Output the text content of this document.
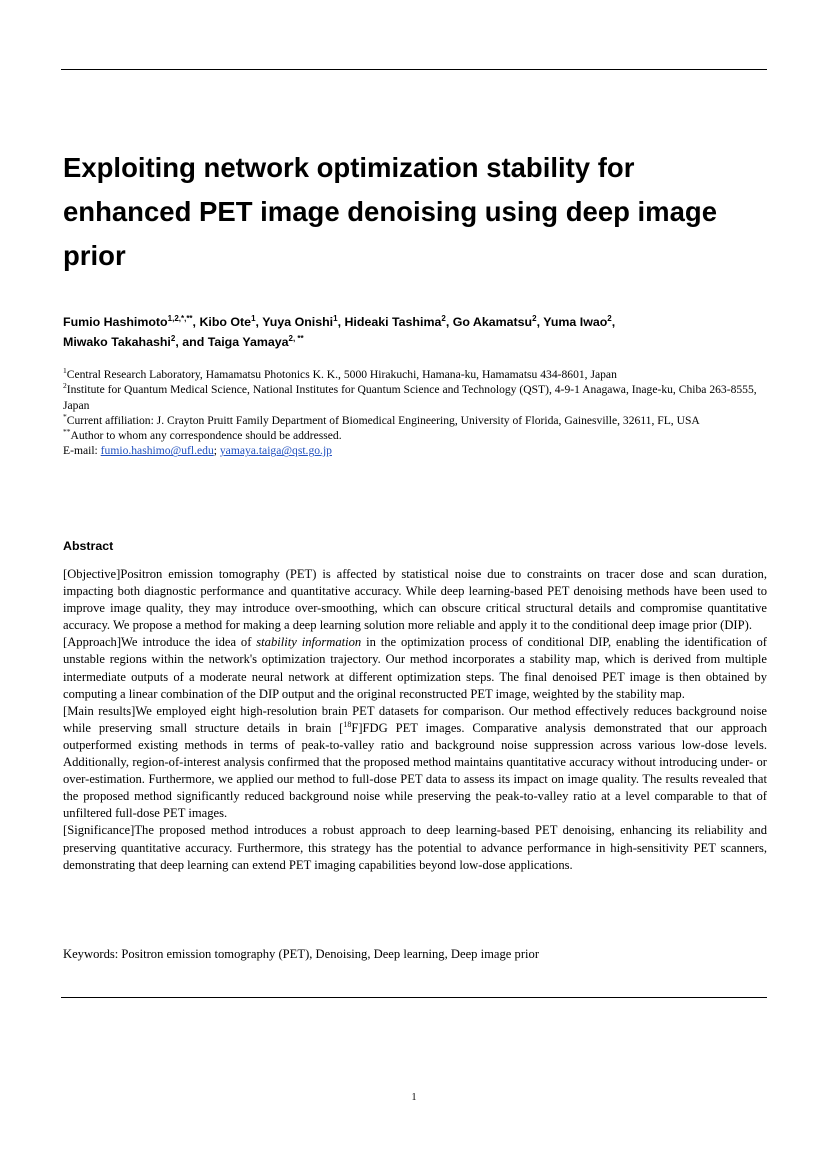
Exploiting network optimization stability for enhanced PET image denoising using deep image prior
Fumio Hashimoto$^{1,2,*,**}$, Kibo Ote$^1$, Yuya Onishi$^1$, Hideaki Tashima$^2$, Go Akamatsu$^2$, Yuma Iwao$^2$,
Miwako Takahashi$^2$, and Taiga Yamaya$^{2, **}$
$^1$Central Research Laboratory, Hamamatsu Photonics K. K., 5000 Hirakuchi, Hamana-ku, Hamamatsu 434-8601, Japan
$^2$Institute for Quantum Medical Science, National Institutes for Quantum Science and Technology (QST), 4-9-1 Anagawa, Inage-ku, Chiba 263-8555, Japan
*Current affiliation: J. Crayton Pruitt Family Department of Biomedical Engineering, University of Florida, Gainesville, 32611, FL, USA
**Author to whom any correspondence should be addressed.
E-mail: fumio.hashimo@ufl.edu; yamaya.taiga@qst.go.jp
Abstract

[Objective]Positron emission tomography (PET) is affected by statistical noise due to constraints on tracer dose and scan duration, impacting both diagnostic performance and quantitative accuracy. While deep learning-based PET denoising methods have been used to improve image quality, they may introduce over-smoothing, which can obscure critical structural details and compromise quantitative accuracy. We propose a method for making a deep learning solution more reliable and apply it to the conditional deep image prior (DIP).

[Approach]We introduce the idea of stability information in the optimization process of conditional DIP, enabling the identification of unstable regions within the network's optimization trajectory. Our method incorporates a stability map, which is derived from multiple intermediate outputs of a moderate neural network at different optimization steps. The final denoised PET image is then obtained by computing a linear combination of the DIP output and the original reconstructed PET image, weighted by the stability map.

[Main results]We employed eight high-resolution brain PET datasets for comparison. Our method effectively reduces background noise while preserving small structure details in brain [$^{18}$F]FDG PET images. Comparative analysis demonstrated that our approach outperformed existing methods in terms of peak-to-valley ratio and background noise suppression across various low-dose levels. Additionally, region-of-interest analysis confirmed that the proposed method maintains quantitative accuracy without introducing under- or over-estimation. Furthermore, we applied our method to full-dose PET data to assess its impact on image quality. The results revealed that the proposed method significantly reduced background noise while preserving the peak-to-valley ratio at a level comparable to that of unfiltered full-dose PET images.

[Significance]The proposed method introduces a robust approach to deep learning-based PET denoising, enhancing its reliability and preserving quantitative accuracy. Furthermore, this strategy has the potential to advance performance in high-sensitivity PET scanners, demonstrating that deep learning can extend PET imaging capabilities beyond low-dose applications.

Keywords: Positron emission tomography (PET), Denoising, Deep learning, Deep image prior
1
